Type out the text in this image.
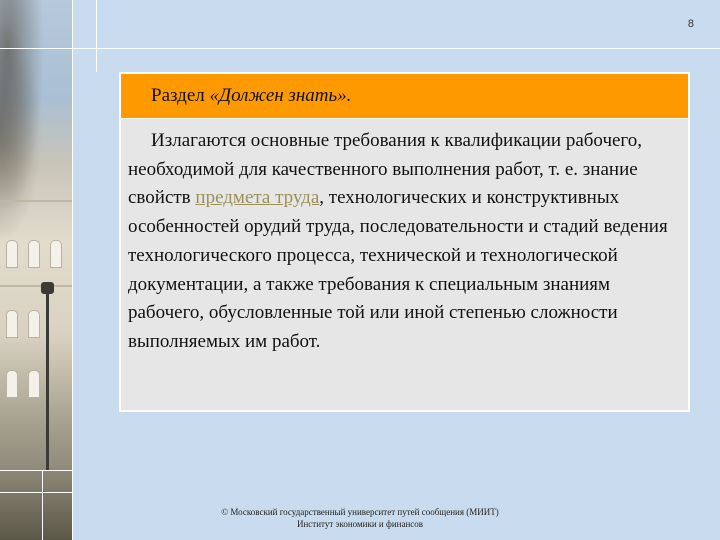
8
Раздел
«Должен знать».
Излагаются основные требования к квалификации рабочего, необходимой для качественного выполнения работ, т. е. знание свойств предмета труда, технологических и конструктивных особенностей орудий труда, последовательности и стадий ведения технологического процесса, технической и технологической документации, а также требования к специальным знаниям рабочего, обусловленные той или иной степенью сложности выполняемых им работ.
© Московский государственный университет путей сообщения (МИИТ)
Институт экономики и финансов
